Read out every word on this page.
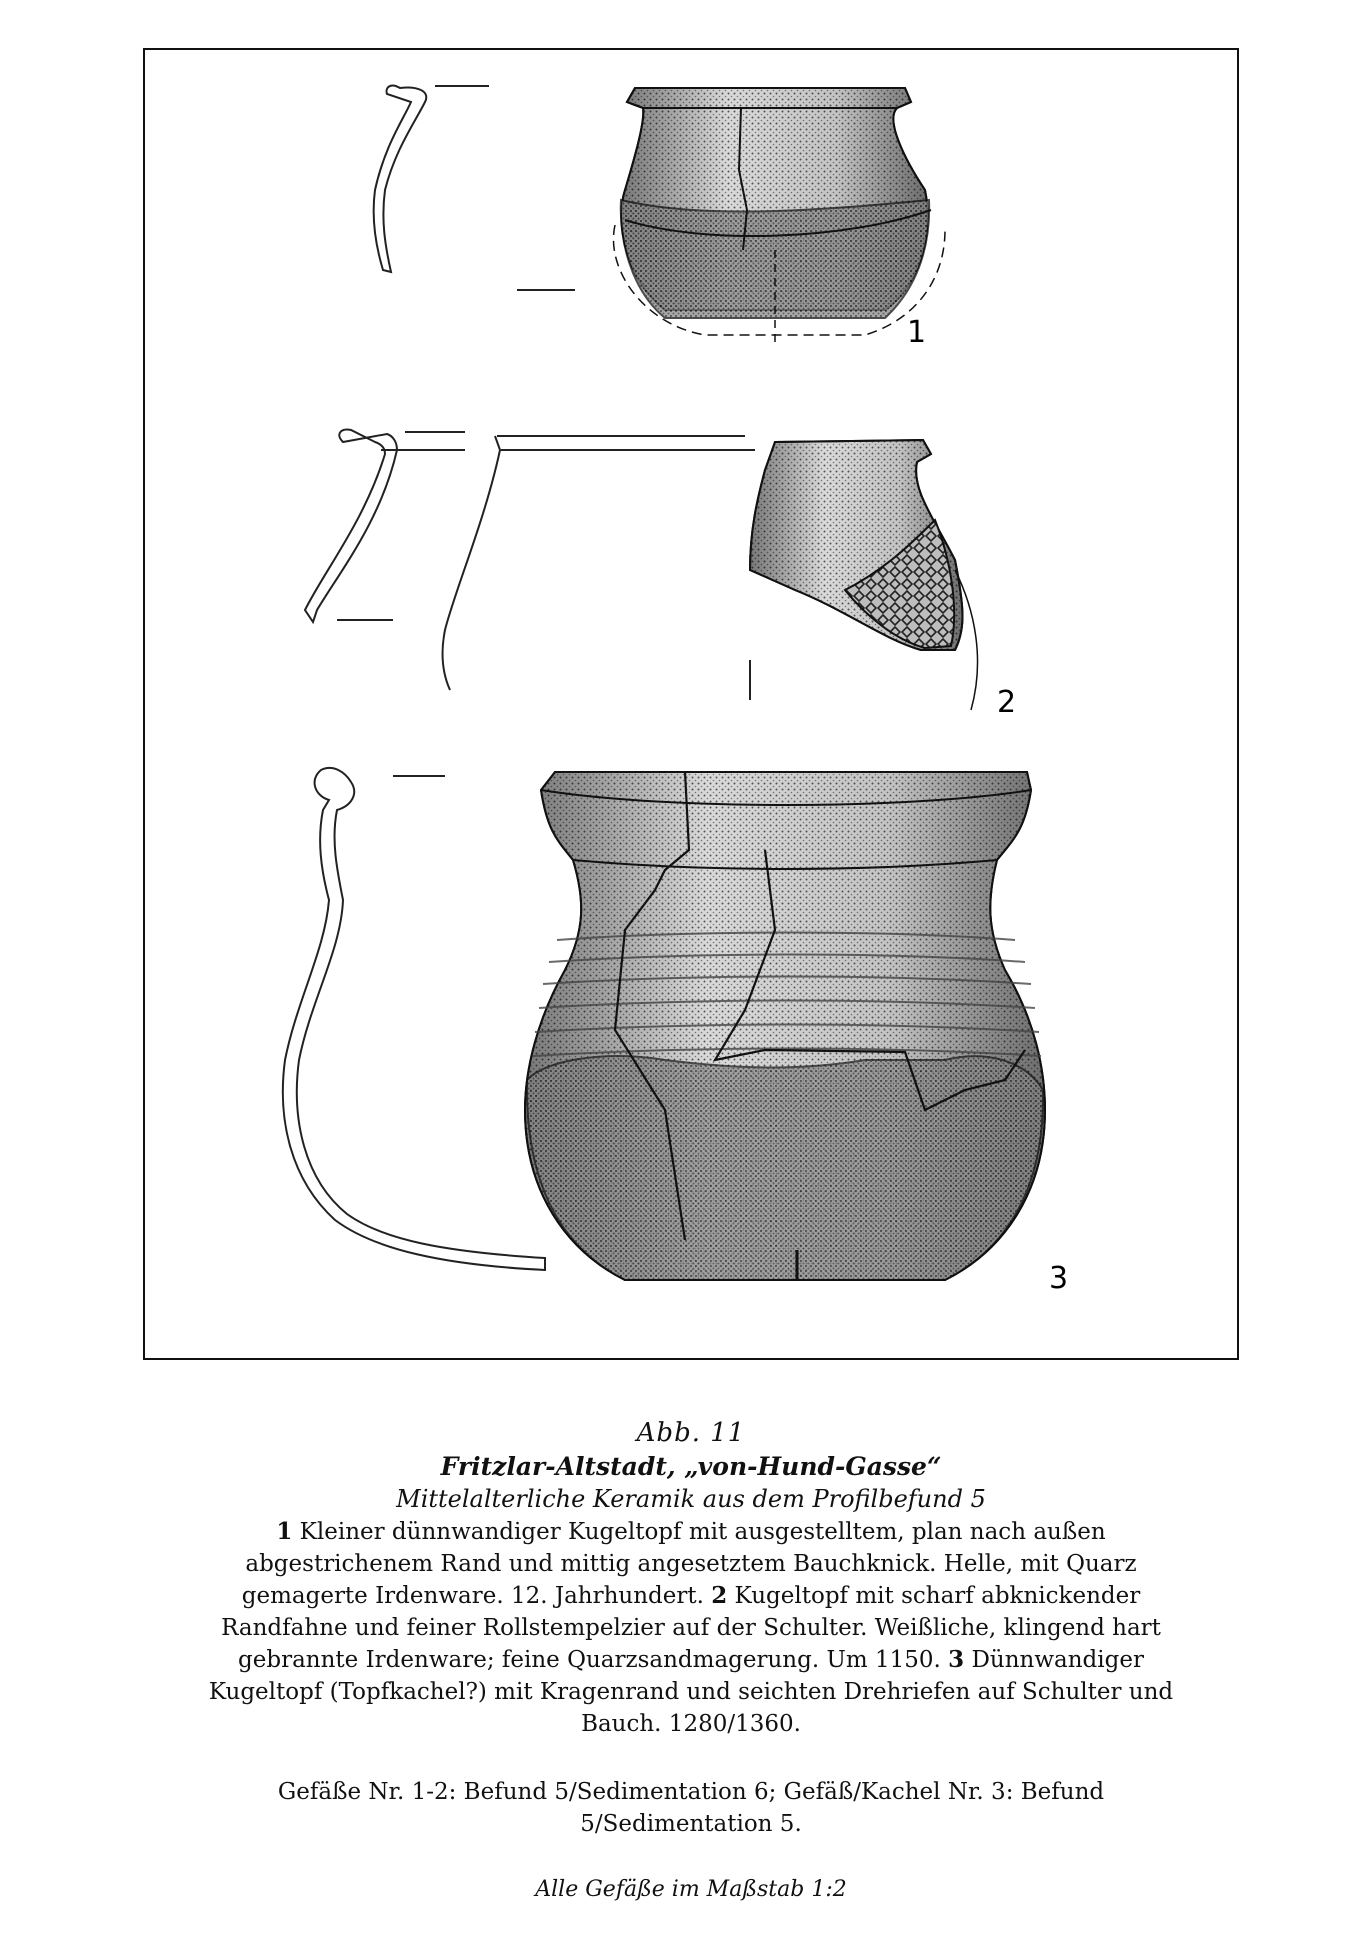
1
2
3
Abb. 11
Fritzlar-Altstadt, „von-Hund-Gasse“
Mittelalterliche Keramik aus dem Profilbefund 5
1 Kleiner dünnwandiger Kugeltopf mit ausgestelltem, plan nach außen abgestrichenem Rand und mittig angesetztem Bauchknick. Helle, mit Quarz gemagerte Irdenware. 12. Jahrhundert. 2 Kugeltopf mit scharf abknickender Randfahne und feiner Rollstempelzier auf der Schulter. Weißliche, klingend hart gebrannte Irdenware; feine Quarzsandmagerung. Um 1150. 3 Dünnwandiger Kugeltopf (Topfkachel?) mit Kragenrand und seichten Drehriefen auf Schulter und Bauch. 1280/1360.
Gefäße Nr. 1-2: Befund 5/Sedimentation 6; Gefäß/Kachel Nr. 3: Befund 5/Sedimentation 5.
Alle Gefäße im Maßstab 1:2
